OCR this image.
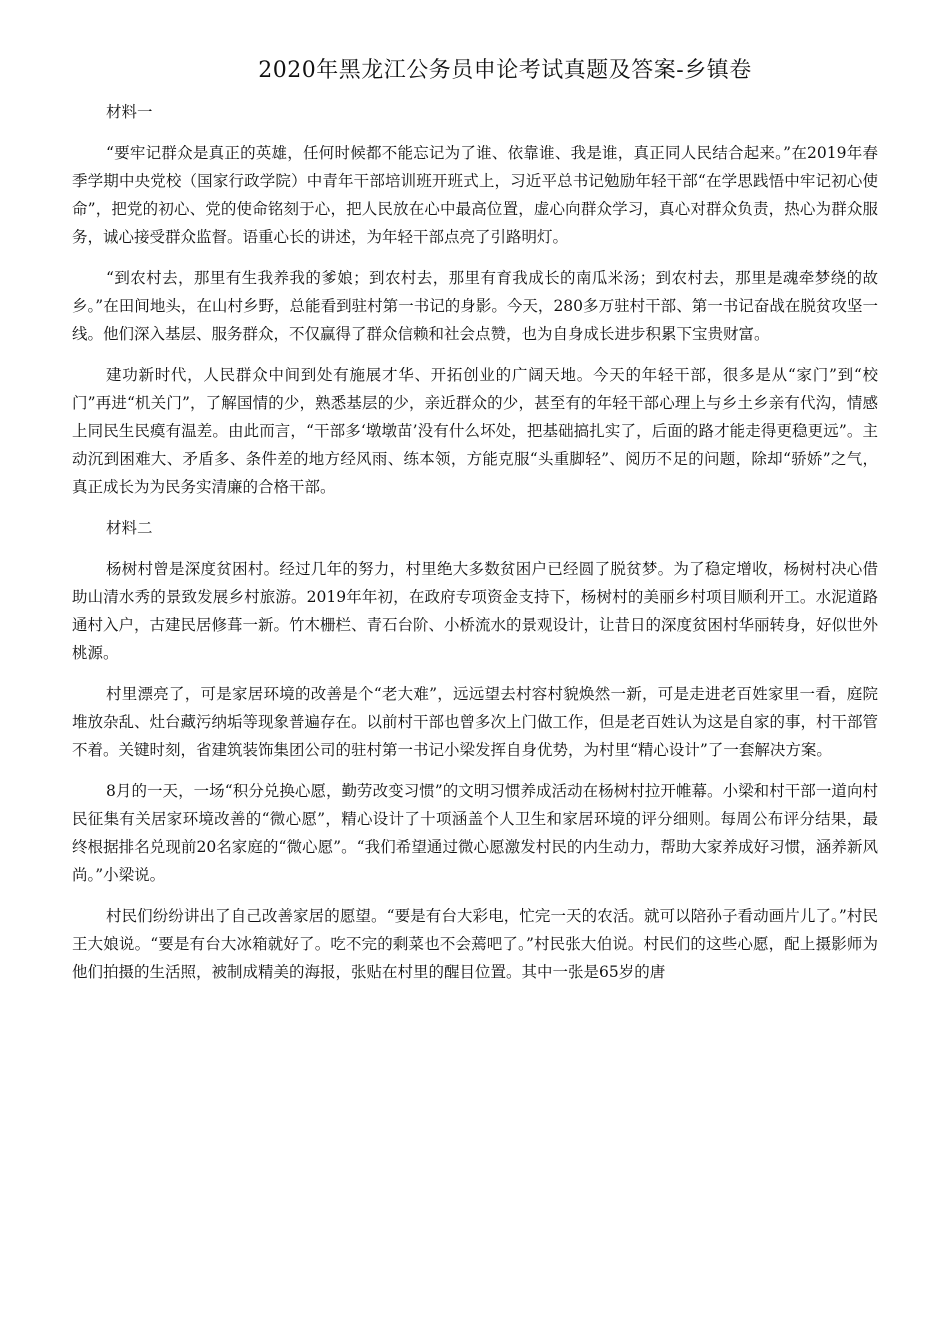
2020年黑龙江公务员申论考试真题及答案-乡镇卷
材料一

“要牢记群众是真正的英雄，任何时候都不能忘记为了谁、依靠谁、我是谁，真正同人民结合起来。”在2019年春季学期中央党校（国家行政学院）中青年干部培训班开班式上，习近平总书记勉励年轻干部“在学思践悟中牢记初心使命”，把党的初心、党的使命铭刻于心，把人民放在心中最高位置，虚心向群众学习，真心对群众负责，热心为群众服务，诚心接受群众监督。语重心长的讲述，为年轻干部点亮了引路明灯。

“到农村去，那里有生我养我的爹娘；到农村去，那里有育我成长的南瓜米汤；到农村去，那里是魂牵梦绕的故乡。”在田间地头，在山村乡野，总能看到驻村第一书记的身影。今天，280多万驻村干部、第一书记奋战在脱贫攻坚一线。他们深入基层、服务群众，不仅赢得了群众信赖和社会点赞，也为自身成长进步积累下宝贵财富。

建功新时代，人民群众中间到处有施展才华、开拓创业的广阔天地。今天的年轻干部，很多是从“家门”到“校门”再进“机关门”，了解国情的少，熟悉基层的少，亲近群众的少，甚至有的年轻干部心理上与乡土乡亲有代沟，情感上同民生民瘼有温差。由此而言，“干部多‘墩墩苗’没有什么坏处，把基础搞扎实了，后面的路才能走得更稳更远”。主动沉到困难大、矛盾多、条件差的地方经风雨、练本领，方能克服“头重脚轻”、阅历不足的问题，除却“骄娇”之气，真正成长为为民务实清廉的合格干部。

材料二

杨树村曾是深度贫困村。经过几年的努力，村里绝大多数贫困户已经圆了脱贫梦。为了稳定增收，杨树村决心借助山清水秀的景致发展乡村旅游。2019年年初，在政府专项资金支持下，杨树村的美丽乡村项目顺利开工。水泥道路通村入户，古建民居修葺一新。竹木栅栏、青石台阶、小桥流水的景观设计，让昔日的深度贫困村华丽转身，好似世外桃源。

村里漂亮了，可是家居环境的改善是个“老大难”，远远望去村容村貌焕然一新，可是走进老百姓家里一看，庭院堆放杂乱、灶台藏污纳垢等现象普遍存在。以前村干部也曾多次上门做工作，但是老百姓认为这是自家的事，村干部管不着。关键时刻，省建筑装饰集团公司的驻村第一书记小梁发挥自身优势，为村里“精心设计”了一套解决方案。

8月的一天，一场“积分兑换心愿，勤劳改变习惯”的文明习惯养成活动在杨树村拉开帷幕。小梁和村干部一道向村民征集有关居家环境改善的“微心愿”，精心设计了十项涵盖个人卫生和家居环境的评分细则。每周公布评分结果，最终根据排名兑现前20名家庭的“微心愿”。“我们希望通过微心愿激发村民的内生动力，帮助大家养成好习惯，涵养新风尚。”小梁说。

村民们纷纷讲出了自己改善家居的愿望。“要是有台大彩电，忙完一天的农活。就可以陪孙子看动画片儿了。”村民王大娘说。“要是有台大冰箱就好了。吃不完的剩菜也不会蔫吧了。”村民张大伯说。村民们的这些心愿，配上摄影师为他们拍摄的生活照，被制成精美的海报，张贴在村里的醒目位置。其中一张是65岁的唐
